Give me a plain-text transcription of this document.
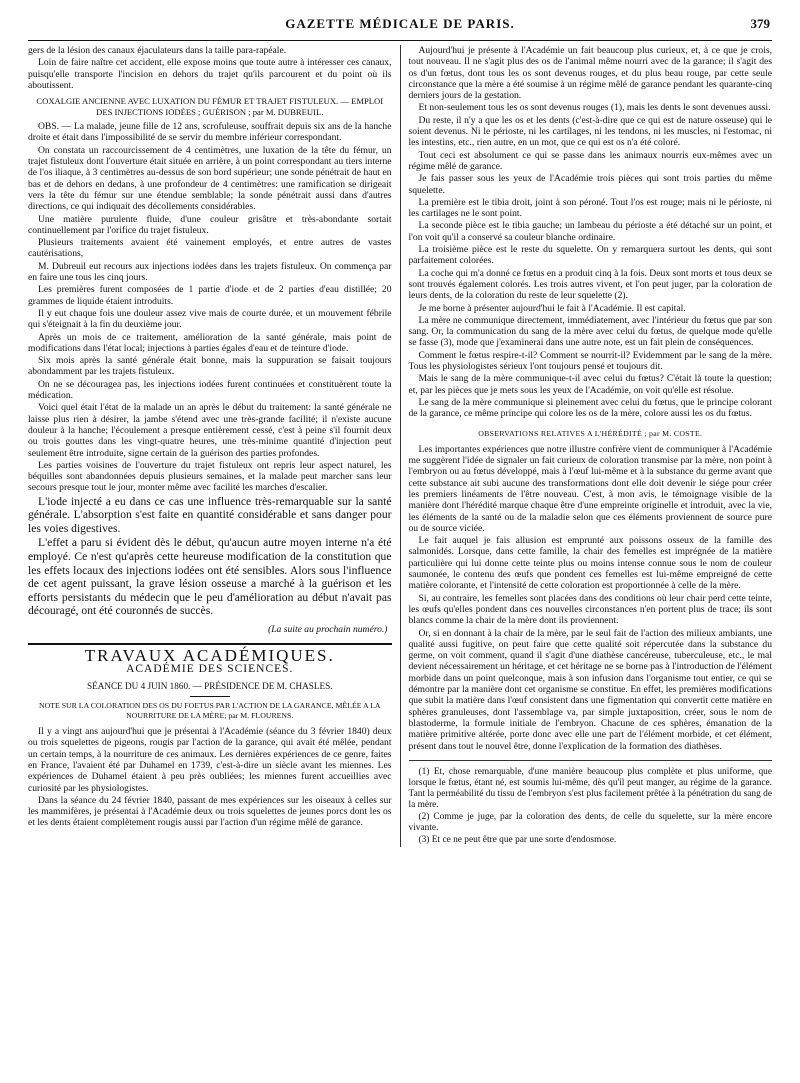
GAZETTE MÉDICALE DE PARIS.	379

gers de la lésion des canaux éjaculateurs dans la taille para-rapéale.

Loin de faire naître cet accident, elle expose moins que toute autre à intéresser ces canaux, puisqu'elle transporte l'incision en dehors du trajet qu'ils parcourent et du point où ils aboutissent.

COXALGIE ANCIENNE AVEC LUXATION DU FÉMUR ET TRAJET FISTULEUX. — EMPLOI DES INJECTIONS IODÉES ; GUÉRISON ; par M. DUBREUIL.

OBS. — La malade, jeune fille de 12 ans, scrofuleuse, souffrait depuis six ans de la hanche droite et était dans l'impossibilité de se servir du membre inférieur correspondant.

On constata un raccourcissement de 4 centimètres, une luxation de la tête du fémur, un trajet fistuleux dont l'ouverture était située en arrière, à un point correspondant au tiers interne de l'os iliaque, à 3 centimètres au-dessus de son bord supérieur; une sonde pénétrait de haut en bas et de dehors en dedans, à une profondeur de 4 centimètres: une ramification se dirigeait vers la tête du fémur sur une étendue semblable; la sonde pénétrait aussi dans d'autres directions, ce qui indiquait des décollements considérables.

Une matière purulente fluide, d'une couleur grisâtre et très-abondante sortait continuellement par l'orifice du trajet fistuleux.

Plusieurs traitements avaient été vainement employés, et entre autres de vastes cautérisations,

M. Dubreuil eut recours aux injections iodées dans les trajets fistuleux. On commença par en faire une tous les cinq jours.

Les premières furent composées de 1 partie d'iode et de 2 parties d'eau distillée; 20 grammes de liquide étaient introduits.

Il y eut chaque fois une douleur assez vive mais de courte durée, et un mouvement fébrile qui s'éteignait à la fin du deuxième jour.

Après un mois de ce traitement, amélioration de la santé générale, mais point de modifications dans l'état local; injections à parties égales d'eau et de teinture d'iode.

Six mois après la santé générale était bonne, mais la suppuration se faisait toujours abondamment par les trajets fistuleux.

On ne se découragea pas, les injections iodées furent continuées et constituèrent toute la médication.

Voici quel était l'état de la malade un an après le début du traitement: la santé générale ne laisse plus rien à désirer, la jambe s'étend avec une très-grande facilité; il n'existe aucune douleur à la hanche; l'écoulement a presque entièrement cessé, c'est à peine s'il fournit deux ou trois gouttes dans les vingt-quatre heures, une très-minime quantité d'injection peut seulement être introduite, signe certain de la guérison des parties profondes.

Les parties voisines de l'ouverture du trajet fistuleux ont repris leur aspect naturel, les béquilles sont abandonnées depuis plusieurs semaines, et la malade peut marcher sans leur secours presque tout le jour, monter même avec facilité les marches d'escalier.

L'iode injecté a eu dans ce cas une influence très-remarquable sur la santé générale. L'absorption s'est faite en quantité considérable et sans danger pour les voies digestives.

L'effet a paru si évident dès le début, qu'aucun autre moyen interne n'a été employé. Ce n'est qu'après cette heureuse modification de la constitution que les effets locaux des injections iodées ont été sensibles. Alors sous l'influence de cet agent puissant, la grave lésion osseuse a marché à la guérison et les efforts persistants du médecin que le peu d'amélioration au début n'avait pas découragé, ont été couronnés de succès.

(La suite au prochain numéro.)
TRAVAUX ACADÉMIQUES.
ACADÉMIE DES SCIENCES.
SÉANCE DU 4 JUIN 1860. — PRÉSIDENCE DE M. CHASLES.
NOTE SUR LA COLORATION DES OS DU FOETUS PAR L'ACTION DE LA GARANCE, MÊLÉE A LA NOURRITURE DE LA MÈRE; par M. FLOURENS.

Il y a vingt ans aujourd'hui que je présentai à l'Académie (séance du 3 février 1840) deux ou trois squelettes de pigeons, rougis par l'action de la garance, qui avait été mêlée, pendant un certain temps, à la nourriture de ces animaux. Les dernières expériences de ce genre, faites en France, l'avaient été par Duhamel en 1739, c'est-à-dire un siècle avant les miennes. Les expériences de Duhamel étaient à peu près oubliées; les miennes furent accueillies avec curiosité par les physiologistes.

Dans la séance du 24 février 1840, passant de mes expériences sur les oiseaux à celles sur les mammifères, je présentai à l'Académie deux ou trois squelettes de jeunes porcs dont les os et les dents étaient complètement rougis aussi par l'action d'un régime mêlé de garance.

Aujourd'hui je présente à l'Académie un fait beaucoup plus curieux, et, à ce que je crois, tout nouveau. Il ne s'agit plus des os de l'animal même nourri avec de la garance; il s'agit des os d'un fœtus, dont tous les os sont devenus rouges, et du plus beau rouge, par cette seule circonstance que la mère a été soumise à un régime mêlé de garance pendant les quarante-cinq derniers jours de la gestation.

Et non-seulement tous les os sont devenus rouges (1), mais les dents le sont devenues aussi.

Du reste, il n'y a que les os et les dents (c'est-à-dire que ce qui est de nature osseuse) qui le soient devenus. Ni le périoste, ni les cartilages, ni les tendons, ni les muscles, ni l'estomac, ni les intestins, etc., rien autre, en un mot, que ce qui est os n'a été coloré.

Tout ceci est absolument ce qui se passe dans les animaux nourris eux-mêmes avec un régime mêlé de garance.

Je fais passer sous les yeux de l'Académie trois pièces qui sont trois parties du même squelette.

La première est le tibia droit, joint à son péroné. Tout l'os est rouge; mais ni le périoste, ni les cartilages ne le sont point.

La seconde pièce est le tibia gauche; un lambeau du périoste a été détaché sur un point, et l'on voit qu'il a conservé sa couleur blanche ordinaire.

La troisième pièce est le reste du squelette. On y remarquera surtout les dents, qui sont parfaitement colorées.

La coche qui m'a donné ce fœtus en a produit cinq à la fois. Deux sont morts et tous deux se sont trouvés également colorés. Les trois autres vivent, et l'on peut juger, par la coloration de leurs dents, de la coloration du reste de leur squelette (2).

Je me borne à présenter aujourd'hui le fait à l'Académie. Il est capital.

La mère ne communique directement, immédiatement, avec l'intérieur du fœtus que par son sang. Or, la communication du sang de la mère avec celui du fœtus, de quelque mode qu'elle se fasse (3), mode que j'examinerai dans une autre note, est un fait plein de conséquences.

Comment le fœtus respire-t-il? Comment se nourrit-il? Evidemment par le sang de la mère. Tous les physiologistes sérieux l'ont toujours pensé et toujours dit.

Mais le sang de la mère communique-t-il avec celui du fœtus? C'était là toute la question; et, par les pièces que je mets sous les yeux de l'Académie, on voit qu'elle est résolue.

Le sang de la mère communique si pleinement avec celui du fœtus, que le principe colorant de la garance, ce même principe qui colore les os de la mère, colore aussi les os du fœtus.

OBSERVATIONS RELATIVES A L'HÉRÉDITÉ ; par M. COSTE.

Les importantes expériences que notre illustre confrère vient de communiquer à l'Académie me suggèrent l'idée de signaler un fait curieux de coloration transmise par la mère, non point à l'embryon ou au fœtus développé, mais à l'œuf lui-même et à la substance du germe avant que cette substance ait subi aucune des transformations dont elle doit devenir le siége pour créer les premiers linéaments de l'être nouveau. C'est, à mon avis, le témoignage visible de la manière dont l'hérédité marque chaque être d'une empreinte originelle et introduit, avec la vie, les éléments de la santé ou de la maladie selon que ces éléments proviennent de source pure ou de source viciée.

Le fait auquel je fais allusion est emprunté aux poissons osseux de la famille des salmonidés. Lorsque, dans cette famille, la chair des femelles est imprégnée de la matière particulière qui lui donne cette teinte plus ou moins intense connue sous le nom de couleur saumonée, le contenu des œufs que pondent ces femelles est lui-même empreigné de cette matière colorante, et l'intensité de cette coloration est proportionnée à celle de la mère.

Si, au contraire, les femelles sont placées dans des conditions où leur chair perd cette teinte, les œufs qu'elles pondent dans ces nouvelles circonstances n'en portent plus de trace; ils sont blancs comme la chair de la mère dont ils proviennent.

Or, si en donnant à la chair de la mère, par le seul fait de l'action des milieux ambiants, une qualité aussi fugitive, on peut faire que cette qualité soit répercutée dans la substance du germe, on voit comment, quand il s'agit d'une diathèse cancéreuse, tuberculeuse, etc., le mal devient nécessairement un héritage, et cet héritage ne se borne pas à l'introduction de l'élément morbide dans un point quelconque, mais à son infusion dans l'organisme tout entier, ce qui se démontre par la manière dont cet organisme se constitue. En effet, les premières modifications que subit la matière dans l'œuf consistent dans une figmentation qui convertit cette matière en sphères granuleuses, dont l'assemblage va, par simple juxtaposition, créer, sous le nom de blastoderme, la formule initiale de l'embryon. Chacune de ces sphères, émanation de la matière primitive altérée, porte donc avec elle une part de l'élément morbide, et cet élément, présent dans tout le nouvel être, donne l'explication de la formation des diathèses.

(1) Et, chose remarquable, d'une manière beaucoup plus complète et plus uniforme, que lorsque le fœtus, étant né, est soumis lui-même, dès qu'il peut manger, au régime de la garance. Tant la perméabilité du tissu de l'embryon s'est plus facilement prêtée à la pénétration du sang de la mère.

(2) Comme je juge, par la coloration des dents, de celle du squelette, sur la mère encore vivante.

(3) Et ce ne peut être que par une sorte d'endosmose.
